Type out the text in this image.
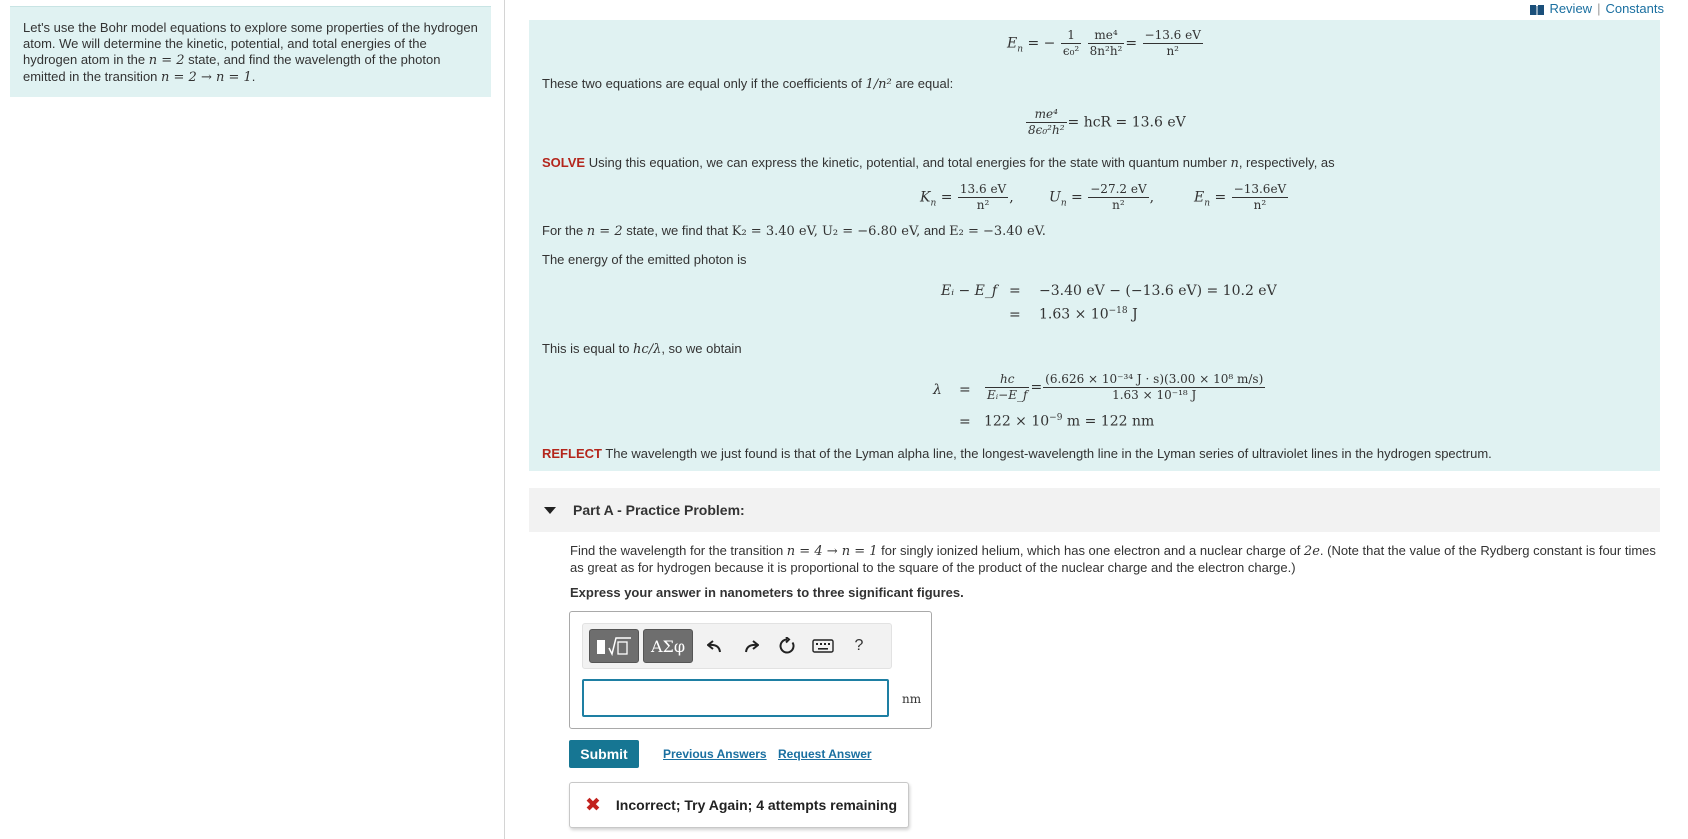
Review | Constants
Let's use the Bohr model equations to explore some properties of the hydrogen atom. We will determine the kinetic, potential, and total energies of the hydrogen atom in the n = 2 state, and find the wavelength of the photon emitted in the transition n = 2 → n = 1.
$E_n$ = − $\frac{1}{\text{ϵ₀²}}$
$\frac{\text{me⁴}}{\text{8n²h²}} = \frac{-13.6 eV}{\text{n²}}$
These two equations are equal only if the coefficients of 1/n² are equal:
$\frac{\text{me⁴}}{\text{8ϵ₀²h²}}$ = hcR = 13.6 eV
SOLVE Using this equation, we can express the kinetic, potential, and total energies for the state with quantum number n, respectively, as
$K_n = \frac{13.6 eV}{\text{n²}}$ ,	$U_n = \frac{-27.2 eV}{\text{n²}}$ ,	$E_n = \frac{-13.6eV}{\text{n²}}$
For the n = 2 state, we find that K₂ = 3.40 eV, U₂ = −6.80 eV, and E₂ = −3.40 eV.
The energy of the emitted photon is
Eᵢ − E_f = −3.40 eV − (−13.6 eV) = 10.2 eV
= $1.63 \times 10^{-18}$ J
This is equal to hc/λ, so we obtain
$\lambda = \frac{hc}{\text{Eᵢ−E\_f}} = \frac{\text{(6.626 × 10⁻³⁴ J · s)(3.00 × 10⁸ m/s)}}{\text{1.63 × 10⁻¹⁸ J}}$
= $122 \times 10^{-9}$ m = 122 nm
REFLECT The wavelength we just found is that of the Lyman alpha line, the longest-wavelength line in the Lyman series of ultraviolet lines in the hydrogen spectrum.
Part A - Practice Problem:
Find the wavelength for the transition n = 4 → n = 1 for singly ionized helium, which has one electron and a nuclear charge of 2e. (Note that the value of the Rydberg constant is four times as great as for hydrogen because it is proportional to the square of the product of the nuclear charge and the electron charge.)
Express your answer in nanometers to three significant figures.
ΑΣφ	?
nm
Submit	Previous Answers Request Answer
✖ Incorrect; Try Again; 4 attempts remaining
